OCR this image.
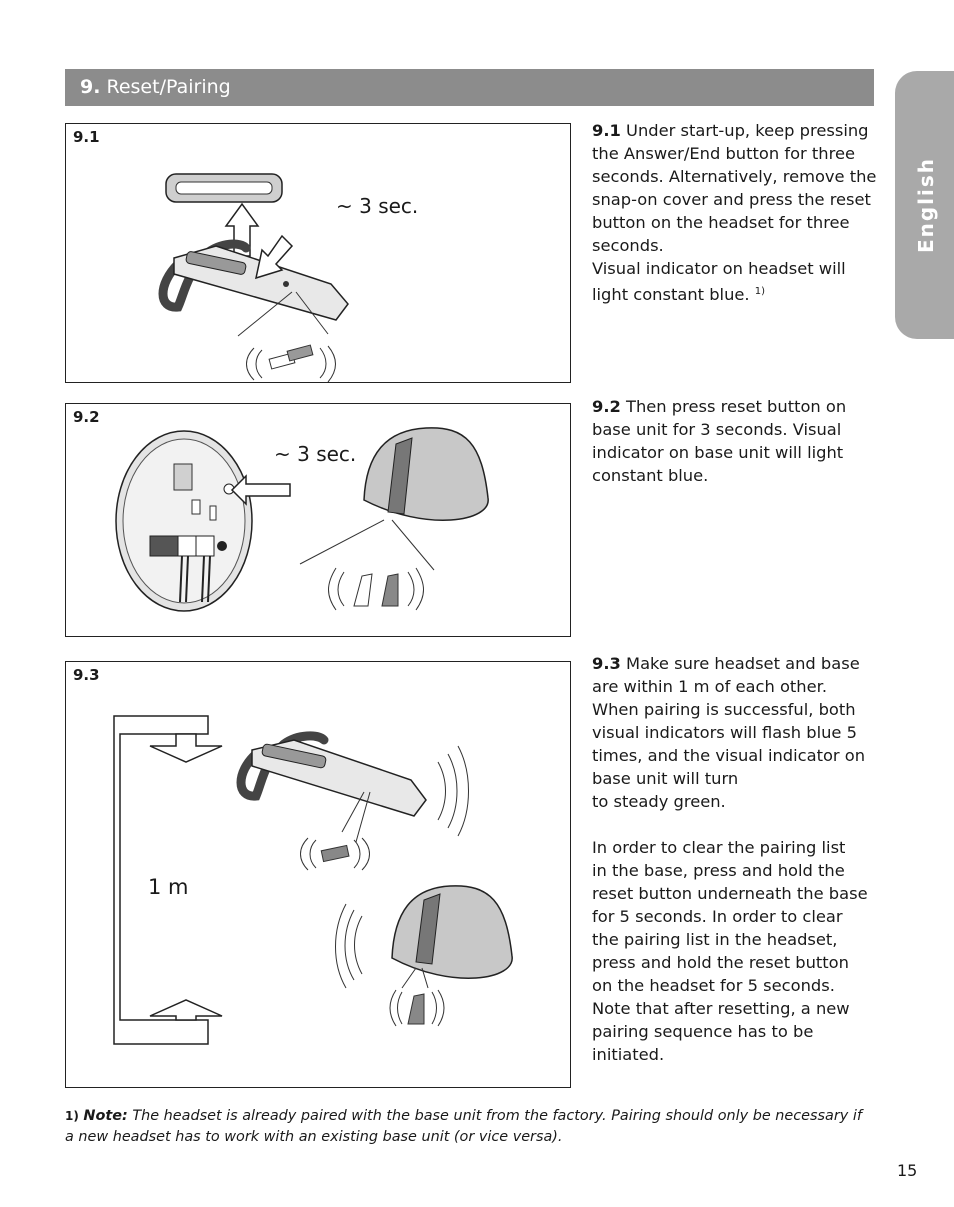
9. Reset/Pairing
English
9.1
~ 3 sec.
9.2
~ 3 sec.
9.3
1 m
9.1 Under start-up, keep pressing
the Answer/End button for three
seconds. Alternatively, remove the
snap-on cover and press the reset
button on the headset for three
seconds.
Visual indicator on headset will
light constant blue. $^{1)}$
9.2 Then press reset button on
base unit for 3 seconds. Visual
indicator on base unit will light
constant blue.
9.3 Make sure headset and base
are within 1 m of each other.
When pairing is successful, both
visual indicators will flash blue 5
times, and the visual indicator on
base unit will turn
to steady green.
In order to clear the pairing list
in the base, press and hold the
reset button underneath the base
for 5 seconds. In order to clear
the pairing list in the headset,
press and hold the reset button
on the headset for 5 seconds.
Note that after resetting, a new
pairing sequence has to be
initiated.
1) Note: The headset is already paired with the base unit from the factory. Pairing should only be necessary if
a new headset has to work with an existing base unit (or vice versa).
15
